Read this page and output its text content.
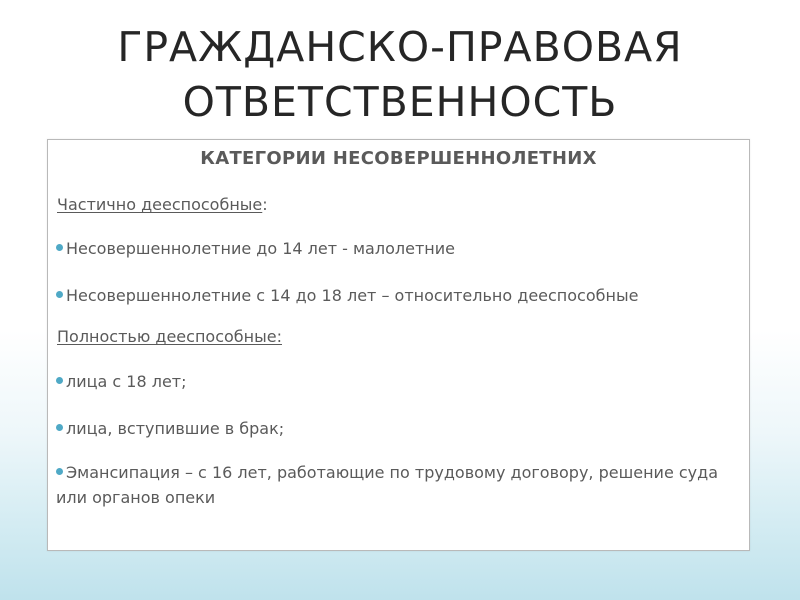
ГРАЖДАНСКО-ПРАВОВАЯ
ОТВЕТСТВЕННОСТЬ
КАТЕГОРИИ НЕСОВЕРШЕННОЛЕТНИХ
Частично дееспособные:
Несовершеннолетние до 14 лет - малолетние
Несовершеннолетние с 14 до 18 лет – относительно дееспособные
Полностью дееспособные:
лица с 18 лет;
лица, вступившие в брак;
Эмансипация – с 16 лет, работающие по трудовому договору, решение суда или органов опеки
